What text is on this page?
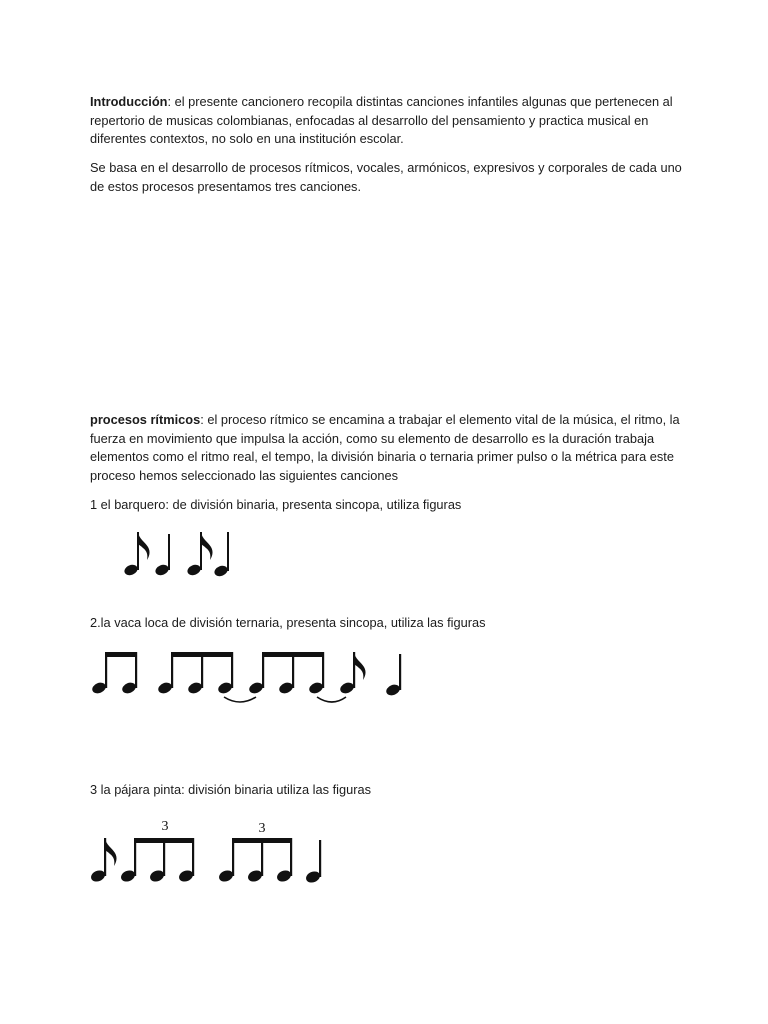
Introducción: el presente cancionero recopila distintas canciones infantiles algunas que pertenecen al
repertorio de musicas colombianas, enfocadas al desarrollo del pensamiento y practica musical en
diferentes contextos, no solo en una institución escolar.
Se basa en el desarrollo de procesos rítmicos, vocales, armónicos, expresivos y corporales de cada uno
de estos procesos presentamos tres canciones.
procesos rítmicos: el proceso rítmico se encamina a trabajar el elemento vital de la música, el ritmo, la
fuerza en movimiento que impulsa la acción, como su elemento de desarrollo es la duración trabaja
elementos como el ritmo real, el tempo, la división binaria o ternaria primer pulso o la métrica para este
proceso hemos seleccionado las siguientes canciones
1 el barquero: de división binaria, presenta sincopa, utiliza figuras
2.la vaca loca de división ternaria, presenta sincopa, utiliza las figuras
3 la pájara pinta: división binaria utiliza las figuras
3	3
